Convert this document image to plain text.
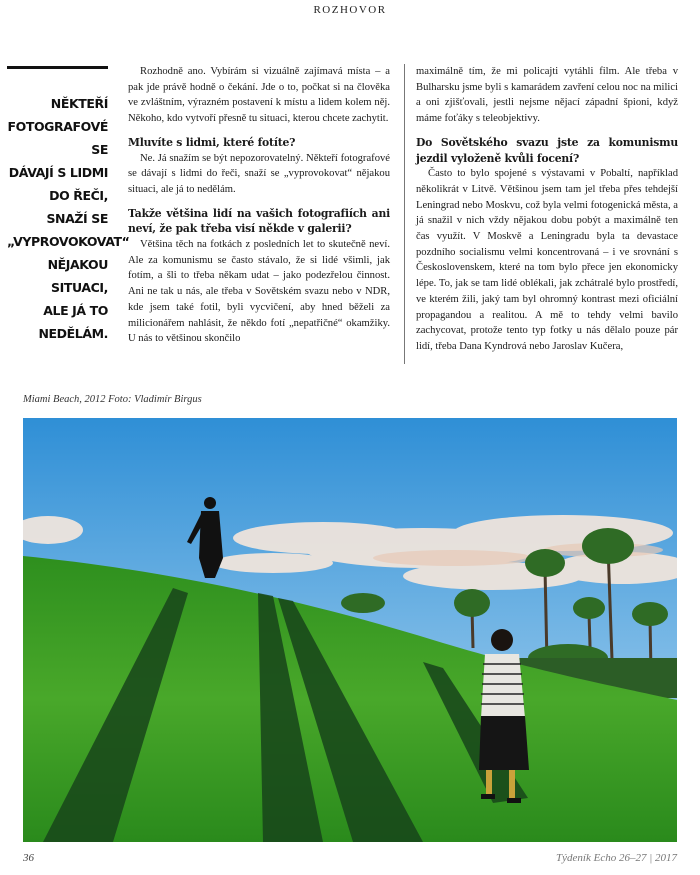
ROZHOVOR
NĚKTEŘÍ
FOTOGRAFOVÉ SE
DÁVAJÍ S LIDMI
DO ŘEČI, SNAŽÍ SE
„VYPROVOKOVAT“
NĚJAKOU SITUACI,
ALE JÁ TO NEDĚLÁM.

Rozhodně ano. Vybírám si vizuálně zajímavá místa – a pak jde právě hodně o čekání. Jde o to, počkat si na člověka ve zvláštním, výrazném postavení k místu a lidem kolem něj. Někoho, kdo vytvoří přesně tu situaci, kterou chcete zachytit.

Mluvíte s lidmi, které fotíte?

Ne. Já snažím se být nepozorovatelný. Někteří fotografové se dávají s lidmi do řeči, snaží se „vyprovokovat“ nějakou situaci, ale já to nedělám.

Takže většina lidí na vašich fotografiích ani neví, že pak třeba visí někde v galerii?

Většina těch na fotkách z posledních let to skutečně neví. Ale za komunismu se často stávalo, že si lidé všimli, jak fotím, a šli to třeba někam udat – jako podezřelou činnost. Ani ne tak u nás, ale třeba v Sovětském svazu nebo v NDR, kde jsem také fotil, byli vycvičení, aby hned běželi za milicionářem nahlásit, že někdo fotí „nepatřičné“ okamžiky. U nás to většinou skončilo

maximálně tím, že mi policajti vytáhli film. Ale třeba v Bulharsku jsme byli s kamarádem zavření celou noc na milici a oni zjišťovali, jestli nejsme nějací západní špioni, když máme foťáky s teleobjektivy.

Do Sovětského svazu jste za komunismu jezdil vyloženě kvůli focení?

Často to bylo spojené s výstavami v Pobaltí, například několikrát v Litvě. Většinou jsem tam jel třeba přes tehdejší Leningrad nebo Moskvu, což byla velmi fotogenická města, a já snažil v nich vždy nějakou dobu pobýt a maximálně ten čas využít. V Moskvě a Leningradu byla ta devastace pozdního socialismu velmi koncentrovaná – i ve srovnání s Československem, které na tom bylo přece jen ekonomicky lépe. To, jak se tam lidé oblékali, jak zchátralé bylo prostředí, ve kterém žili, jaký tam byl ohromný kontrast mezi oficiální propagandou a realitou. A mě to tehdy velmi bavilo zachycovat, protože tento typ fotky u nás dělalo pouze pár lidí, třeba Dana Kyndrová nebo Jaroslav Kučera,

Miami Beach, 2012 Foto: Vladimír Birgus
36	Týdeník Echo 26–27 | 2017
